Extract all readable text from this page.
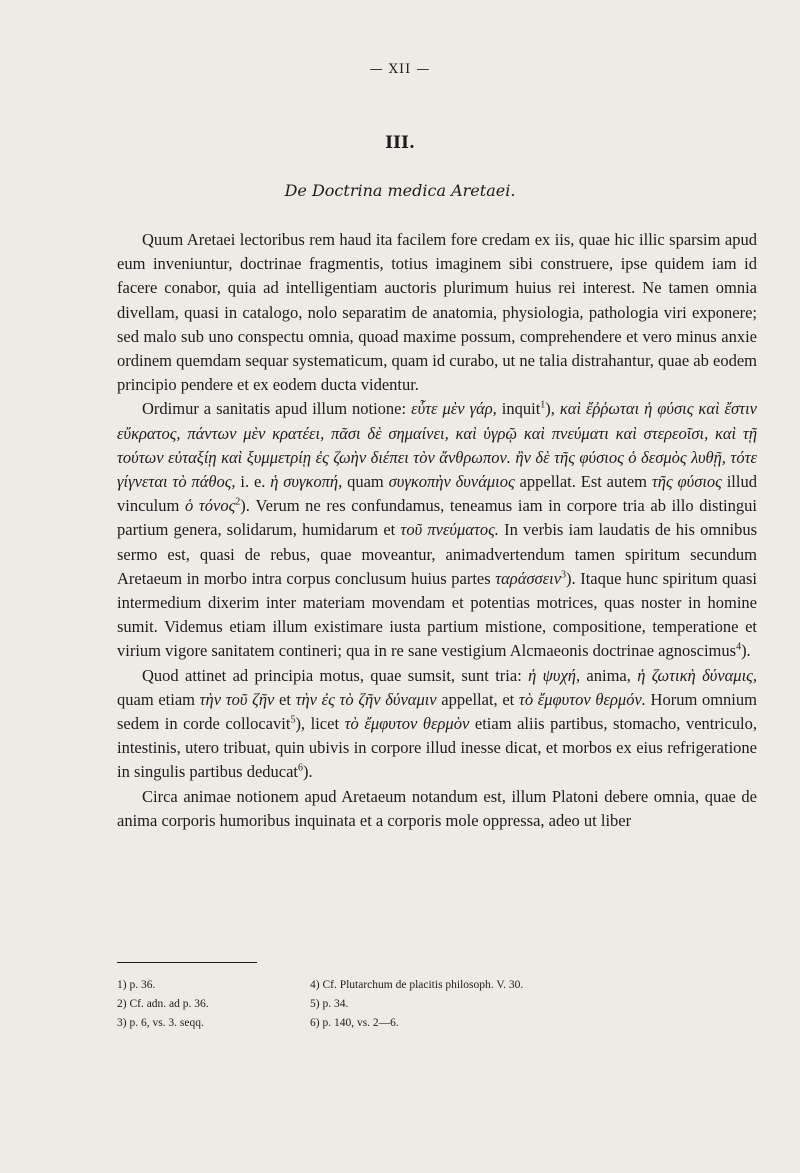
— XII —
III.
De Doctrina medica Aretaei.

Quum Aretaei lectoribus rem haud ita facilem fore credam ex iis, quae hic illic sparsim apud eum inveniuntur, doctrinae fragmentis, totius imaginem sibi construere, ipse quidem iam id facere conabor, quia ad intelligentiam auctoris plurimum huius rei interest. Ne tamen omnia divellam, quasi in catalogo, nolo separatim de anatomia, physiologia, pathologia viri exponere; sed malo sub uno conspectu omnia, quoad maxime possum, comprehendere et vero minus anxie ordinem quemdam sequar systematicum, quam id curabo, ut ne talia distrahantur, quae ab eodem principio pendere et ex eodem ducta videntur.

Ordimur a sanitatis apud illum notione: εὖτε μὲν γάρ, inquit$^1$), καὶ ἔῤῥωται ἡ φύσις καὶ ἔστιν εὔκρατος, πάντων μὲν κρατέει, πᾶσι δὲ σημαίνει, καὶ ὑγρῷ καὶ πνεύματι καὶ στερεοῖσι, καὶ τῇ τούτων εὐταξίῃ καὶ ξυμμετρίῃ ἐς ζωὴν διέπει τὸν ἄνθρωπον. ἢν δὲ τῆς φύσιος ὁ δεσμὸς λυθῇ, τότε γίγνεται τὸ πάθος, i. e. ἡ συγκοπή, quam συγκοπὴν δυνάμιος appellat. Est autem τῆς φύσιος illud vinculum ὁ τόνος$^2$). Verum ne res confundamus, teneamus iam in corpore tria ab illo distingui partium genera, solidarum, humidarum et τοῦ πνεύματος. In verbis iam laudatis de his omnibus sermo est, quasi de rebus, quae moveantur, animadvertendum tamen spiritum secundum Aretaeum in morbo intra corpus conclusum huius partes ταράσσειν$^3$). Itaque hunc spiritum quasi intermedium dixerim inter materiam movendam et potentias motrices, quas noster in homine sumit. Videmus etiam illum existimare iusta partium mistione, compositione, temperatione et virium vigore sanitatem contineri; qua in re sane vestigium Alcmaeonis doctrinae agnoscimus$^4$).

Quod attinet ad principia motus, quae sumsit, sunt tria: ἡ ψυχή, anima, ἡ ζωτικὴ δύναμις, quam etiam τὴν τοῦ ζῆν et τὴν ἐς τὸ ζῆν δύναμιν appellat, et τὸ ἔμφυτον θερμόν. Horum omnium sedem in corde collocavit$^5$), licet τὸ ἔμφυτον θερμὸν etiam aliis partibus, stomacho, ventriculo, intestinis, utero tribuat, quin ubivis in corpore illud inesse dicat, et morbos ex eius refrigeratione in singulis partibus deducat$^6$).

Circa animae notionem apud Aretaeum notandum est, illum Platoni debere omnia, quae de anima corporis humoribus inquinata et a corporis mole oppressa, adeo ut liber

1) p. 36.
2) Cf. adn. ad p. 36.
3) p. 6, vs. 3. seqq.
4) Cf. Plutarchum de placitis philosoph. V. 30.
5) p. 34.
6) p. 140, vs. 2—6.
